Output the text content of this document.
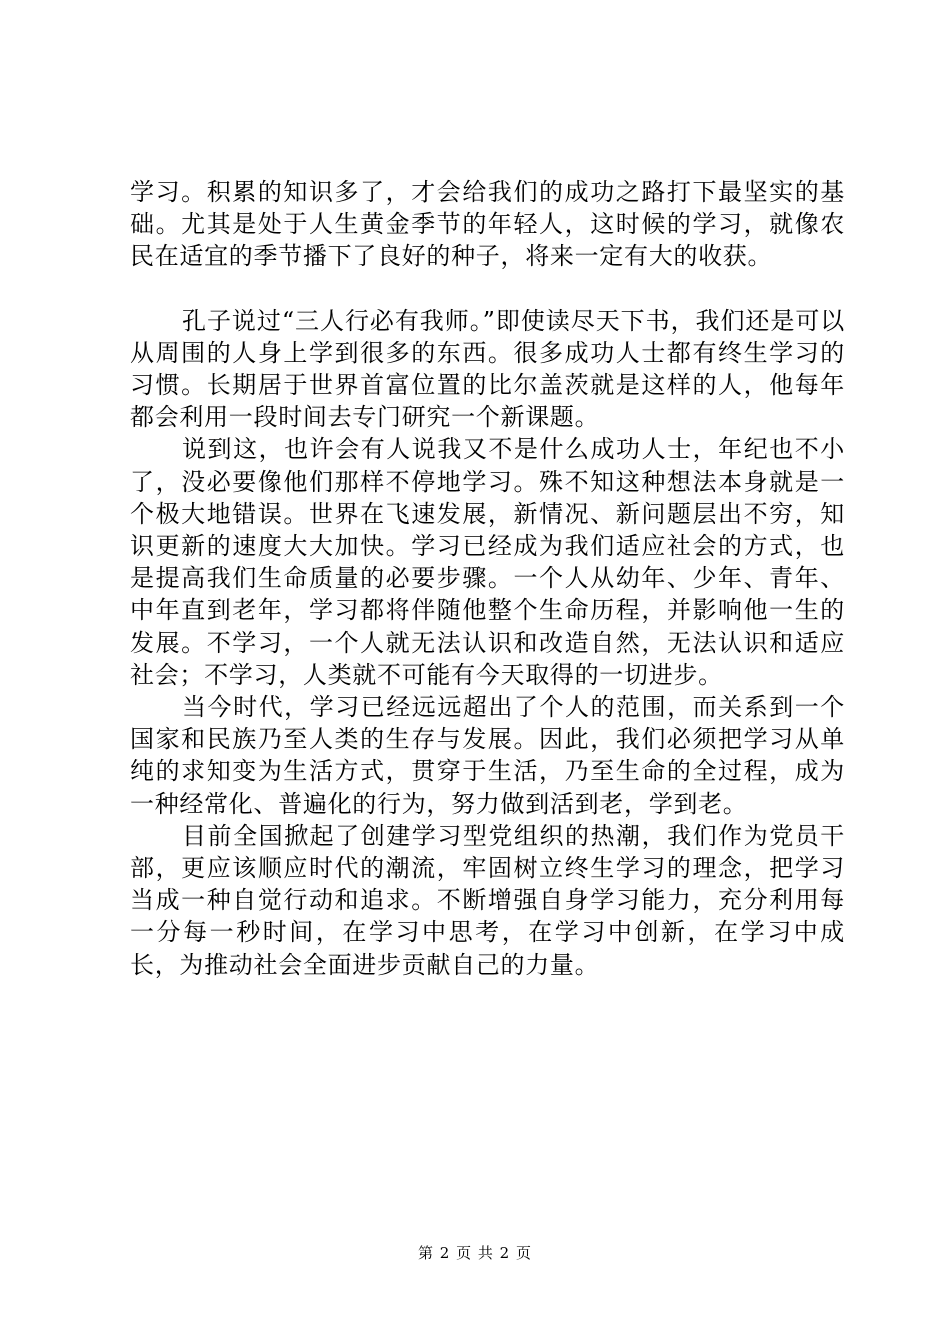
学习。积累的知识多了，才会给我们的成功之路打下最坚实的基础。尤其是处于人生黄金季节的年轻人，这时候的学习，就像农民在适宜的季节播下了良好的种子，将来一定有大的收获。

孔子说过“三人行必有我师。”即使读尽天下书，我们还是可以从周围的人身上学到很多的东西。很多成功人士都有终生学习的习惯。长期居于世界首富位置的比尔盖茨就是这样的人，他每年都会利用一段时间去专门研究一个新课题。

说到这，也许会有人说我又不是什么成功人士，年纪也不小了，没必要像他们那样不停地学习。殊不知这种想法本身就是一个极大地错误。世界在飞速发展，新情况、新问题层出不穷，知识更新的速度大大加快。学习已经成为我们适应社会的方式，也是提高我们生命质量的必要步骤。一个人从幼年、少年、青年、中年直到老年，学习都将伴随他整个生命历程，并影响他一生的发展。不学习，一个人就无法认识和改造自然，无法认识和适应社会；不学习，人类就不可能有今天取得的一切进步。

当今时代，学习已经远远超出了个人的范围，而关系到一个国家和民族乃至人类的生存与发展。因此，我们必须把学习从单纯的求知变为生活方式，贯穿于生活，乃至生命的全过程，成为一种经常化、普遍化的行为，努力做到活到老，学到老。

目前全国掀起了创建学习型党组织的热潮，我们作为党员干部，更应该顺应时代的潮流，牢固树立终生学习的理念，把学习当成一种自觉行动和追求。不断增强自身学习能力，充分利用每一分每一秒时间，在学习中思考，在学习中创新，在学习中成长，为推动社会全面进步贡献自己的力量。

第 2 页 共 2 页
